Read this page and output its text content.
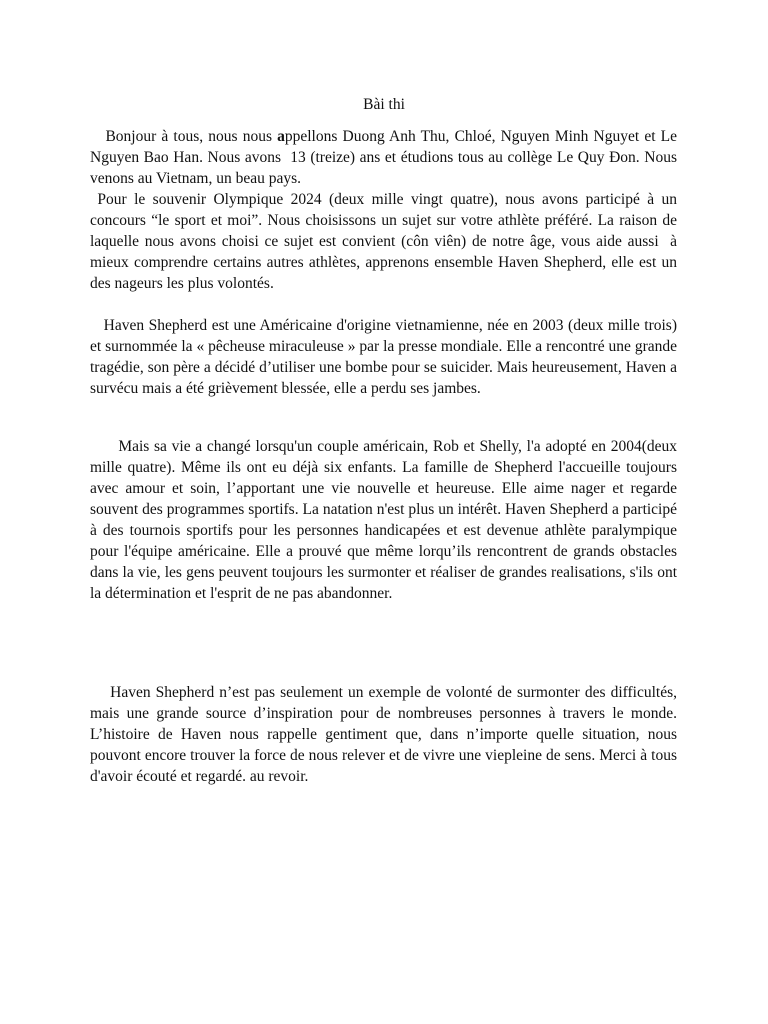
Bài thi

Bonjour à tous, nous nous appellons Duong Anh Thu, Chloé, Nguyen Minh Nguyet et Le Nguyen Bao Han. Nous avons  13 (treize) ans et étudions tous au collège Le Quy Đon. Nous venons au Vietnam, un beau pays.

Pour le souvenir Olympique 2024 (deux mille vingt quatre), nous avons participé à un concours “le sport et moi”. Nous choisissons un sujet sur votre athlète préféré. La raison de laquelle nous avons choisi ce sujet est convient (côn viên) de notre âge, vous aide aussi  à mieux comprendre certains autres athlètes, apprenons ensemble Haven Shepherd, elle est un des nageurs les plus volontés.

Haven Shepherd est une Américaine d'origine vietnamienne, née en 2003 (deux mille trois) et surnommée la « pêcheuse miraculeuse » par la presse mondiale. Elle a rencontré une grande tragédie, son père a décidé d’utiliser une bombe pour se suicider. Mais heureusement, Haven a survécu mais a été grièvement blessée, elle a perdu ses jambes.

Mais sa vie a changé lorsqu'un couple américain, Rob et Shelly, l'a adopté en 2004(deux mille quatre). Même ils ont eu déjà six enfants. La famille de Shepherd l'accueille toujours avec amour et soin, l’apportant une vie nouvelle et heureuse. Elle aime nager et regarde souvent des programmes sportifs. La natation n'est plus un intérêt. Haven Shepherd a participé à des tournois sportifs pour les personnes handicapées et est devenue athlète paralympique pour l'équipe américaine. Elle a prouvé que même lorqu’ils rencontrent de grands obstacles dans la vie, les gens peuvent toujours les surmonter et réaliser de grandes realisations, s'ils ont la détermination et l'esprit de ne pas abandonner.

Haven Shepherd n’est pas seulement un exemple de volonté de surmonter des difficultés, mais une grande source d’inspiration pour de nombreuses personnes à travers le monde. L’histoire de Haven nous rappelle gentiment que, dans n’importe quelle situation, nous pouvont encore trouver la force de nous relever et de vivre une viepleine de sens. Merci à tous d'avoir écouté et regardé. au revoir.
